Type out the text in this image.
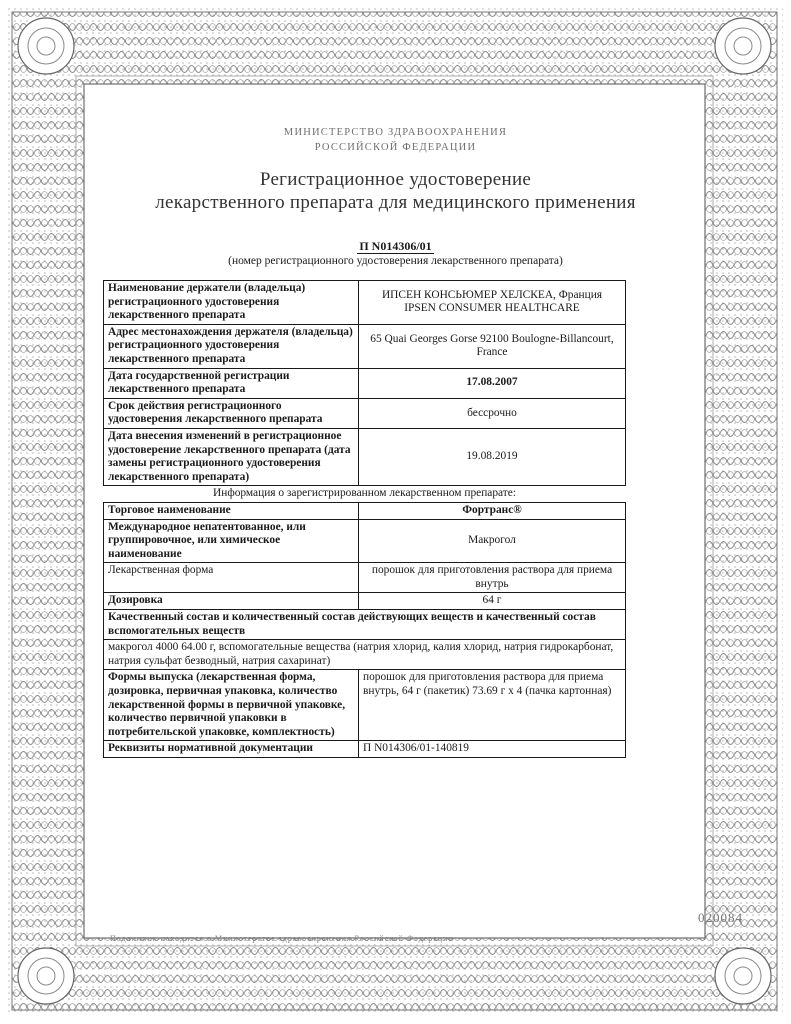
МИНИСТЕРСТВО ЗДРАВООХРАНЕНИЯ
РОССИЙСКОЙ ФЕДЕРАЦИИ
Регистрационное удостоверение
лекарственного препарата для медицинского применения
П N014306/01
(номер регистрационного удостоверения лекарственного препарата)
Наименование держатели (владельца) регистрационного удостоверения лекарственного препарата	ИПСЕН КОНСЬЮМЕР ХЕЛСКЕА, Франция
IPSEN CONSUMER HEALTHCARE

Адрес местонахождения держателя (владельца) регистрационного удостоверения лекарственного препарата	65 Quai Georges Gorse 92100 Boulogne-Billancourt,
France

Дата государственной регистрации лекарственного препарата	17.08.2007
Срок действия регистрационного удостоверения лекарственного препарата	бессрочно
Дата внесения изменений в регистрационное удостоверение лекарственного препарата (дата замены регистрационного удостоверения лекарственного препарата)	19.08.2019
Информация о зарегистрированном лекарственном препарате:	
Торговое наименование	Фортранс®
Международное непатентованное, или группировочное, или химическое наименование	Макрогол
Лекарственная форма	порошок для приготовления раствора для приема внутрь
Дозировка	64 г
Качественный состав и количественный состав действующих веществ и качественный состав вспомогательных веществ	
макрогол 4000 64.00 г, вспомогательные вещества (натрия хлорид, калия хлорид, натрия гидрокарбонат, натрия сульфат безводный, натрия сахаринат)	
Формы выпуска (лекарственная форма, дозировка, первичная упаковка, количество лекарственной формы в первичной упаковке, количество первичной упаковки в потребительской упаковке, комплектность)	порошок для приготовления раствора для приема внутрь, 64 г (пакетик) 73.69 г x 4 (пачка картонная)
Реквизиты нормативной документации	П N014306/01-140819
020084
Подлинник находится в Министерстве здравоохранения Российской Федерации
